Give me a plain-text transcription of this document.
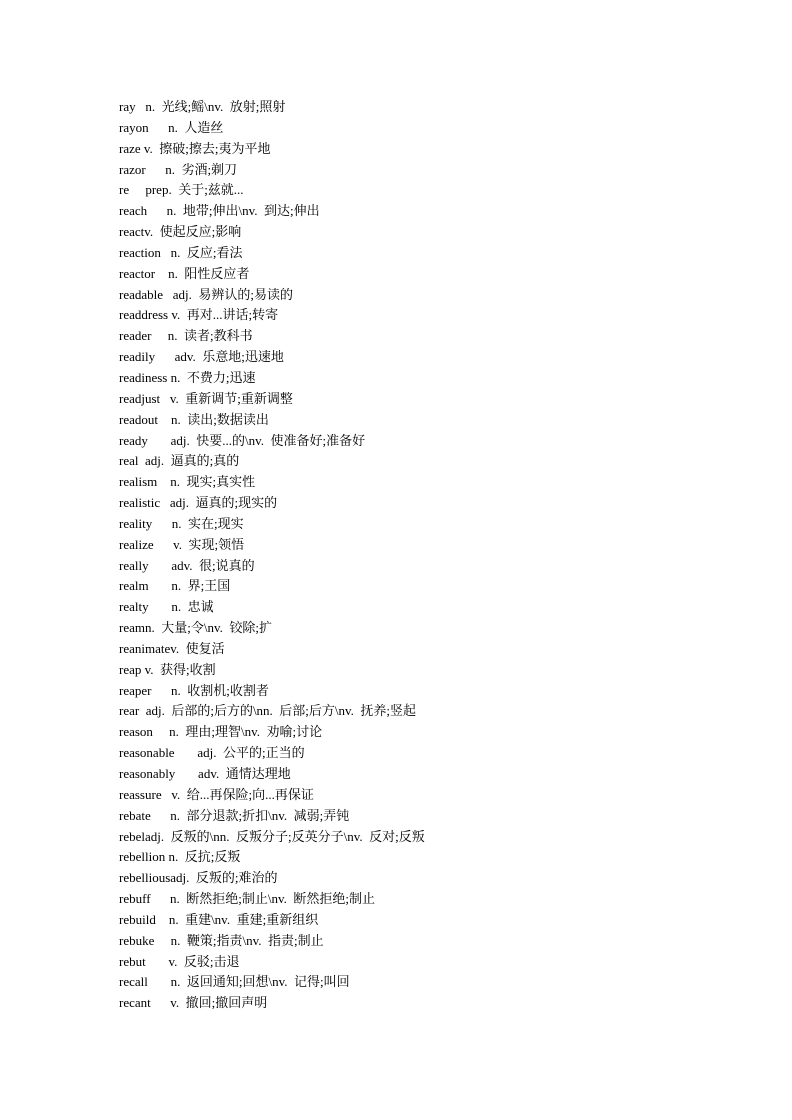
ray   n.  光线;鳐\nv.  放射;照射
rayon      n.  人造丝
raze v.  擦破;擦去;夷为平地
razor      n.  劣酒;剃刀
re     prep.  关于;兹就...
reach      n.  地带;伸出\nv.  到达;伸出
reactv.  使起反应;影响
reaction   n.  反应;看法
reactor    n.  阳性反应者
readable   adj.  易辨认的;易读的
readdress v.  再对...讲话;转寄
reader     n.  读者;教科书
readily      adv.  乐意地;迅速地
readiness n.  不费力;迅速
readjust   v.  重新调节;重新调整
readout    n.  读出;数据读出
ready       adj.  快要...的\nv.  使准备好;准备好
real  adj.  逼真的;真的
realism    n.  现实;真实性
realistic   adj.  逼真的;现实的
reality      n.  实在;现实
realize      v.  实现;领悟
really       adv.  很;说真的
realm       n.  界;王国
realty       n.  忠诚
reamn.  大量;令\nv.  铰除;扩
reanimatev.  使复活
reap v.  获得;收割
reaper      n.  收割机;收割者
rear  adj.  后部的;后方的\nn.  后部;后方\nv.  抚养;竖起
reason     n.  理由;理智\nv.  劝喻;讨论
reasonable       adj.  公平的;正当的
reasonably       adv.  通情达理地
reassure   v.  给...再保险;向...再保证
rebate      n.  部分退款;折扣\nv.  减弱;弄钝
rebeladj.  反叛的\nn.  反叛分子;反英分子\nv.  反对;反叛
rebellion n.  反抗;反叛
rebelliousadj.  反叛的;难治的
rebuff      n.  断然拒绝;制止\nv.  断然拒绝;制止
rebuild    n.  重建\nv.  重建;重新组织
rebuke     n.  鞭策;指责\nv.  指责;制止
rebut       v.  反驳;击退
recall       n.  返回通知;回想\nv.  记得;叫回
recant      v.  撤回;撤回声明
